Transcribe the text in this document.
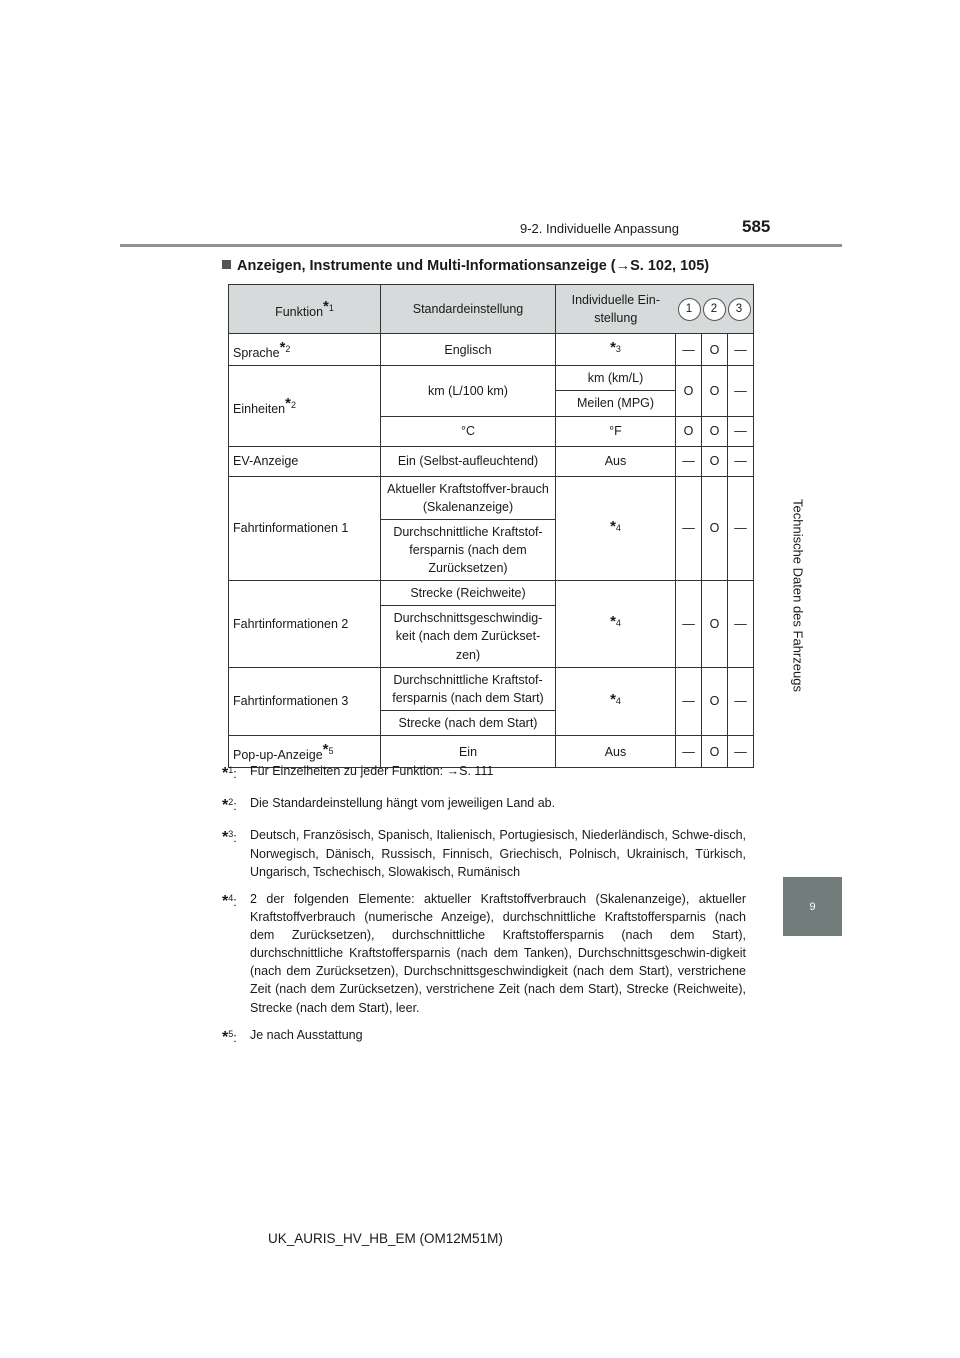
9-2. Individuelle Anpassung	585
Technische Daten des Fahrzeugs
9
Anzeigen, Instrumente und Multi-Informationsanzeige (→S. 102, 105)
Funktion$^{*1}$	Standardeinstellung	Individuelle Ein-stellung	1 2 3		
Sprache$^{*2}$	Englisch	$^{*3}$	—	O	—
Einheiten$^{*2}$	km (L/100 km)	km (km/L)	O	O	—
		Meilen (MPG)			
	°C	°F	O	O	—
EV-Anzeige	Ein (Selbst-aufleuchtend)	Aus	—	O	—
Fahrtinformationen 1	Aktueller Kraftstoffver-brauch (Skalenanzeige)	$^{*4}$	—	O	—
	Durchschnittliche Kraftstof-fersparnis (nach dem Zurücksetzen)				
Fahrtinformationen 2	Strecke (Reichweite)	$^{*4}$	—	O	—
	Durchschnittsgeschwindig-keit (nach dem Zurückset-zen)				
Fahrtinformationen 3	Durchschnittliche Kraftstof-fersparnis (nach dem Start)	$^{*4}$	—	O	—
	Strecke (nach dem Start)				
Pop-up-Anzeige$^{*5}$	Ein	Aus	—	O	—
*$^1$:	Für Einzelheiten zu jeder Funktion: →S. 111
*$^2$:	Die Standardeinstellung hängt vom jeweiligen Land ab.
*$^3$:	Deutsch, Französisch, Spanisch, Italienisch, Portugiesisch, Niederländisch, Schwe-disch, Norwegisch, Dänisch, Russisch, Finnisch, Griechisch, Polnisch, Ukrainisch, Türkisch, Ungarisch, Tschechisch, Slowakisch, Rumänisch
*$^4$:	2 der folgenden Elemente: aktueller Kraftstoffverbrauch (Skalenanzeige), aktueller Kraftstoffverbrauch (numerische Anzeige), durchschnittliche Kraftstoffersparnis (nach dem Zurücksetzen), durchschnittliche Kraftstoffersparnis (nach dem Start), durchschnittliche Kraftstoffersparnis (nach dem Tanken), Durchschnittsgeschwin-digkeit (nach dem Zurücksetzen), Durchschnittsgeschwindigkeit (nach dem Start), verstrichene Zeit (nach dem Zurücksetzen), verstrichene Zeit (nach dem Start), Strecke (Reichweite), Strecke (nach dem Start), leer.
*$^5$:	Je nach Ausstattung
UK_AURIS_HV_HB_EM (OM12M51M)
